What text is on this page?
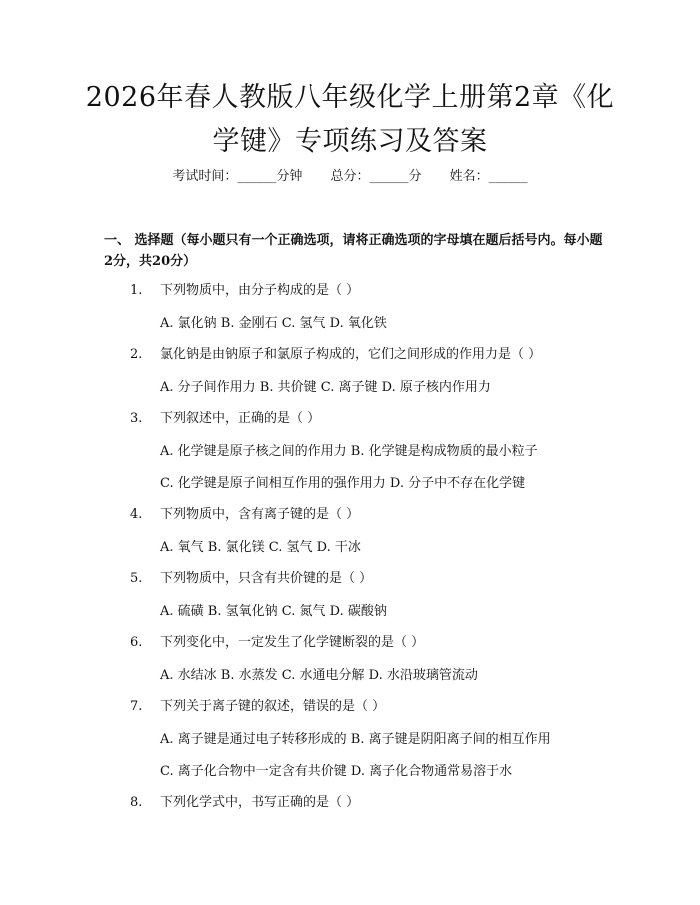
2026年春人教版八年级化学上册第2章《化学键》专项练习及答案
考试时间：______分钟 总分：______分 姓名：______
一、 选择题（每小题只有一个正确选项，请将正确选项的字母填在题后括号内。每小题2分，共20分）
1. 下列物质中，由分子构成的是（ ）
A. 氯化钠 B. 金刚石 C. 氢气 D. 氧化铁
2. 氯化钠是由钠原子和氯原子构成的，它们之间形成的作用力是（ ）
A. 分子间作用力 B. 共价键 C. 离子键 D. 原子核内作用力
3. 下列叙述中，正确的是（ ）
A. 化学键是原子核之间的作用力 B. 化学键是构成物质的最小粒子
C. 化学键是原子间相互作用的强作用力 D. 分子中不存在化学键
4. 下列物质中，含有离子键的是（ ）
A. 氧气 B. 氯化镁 C. 氢气 D. 干冰
5. 下列物质中，只含有共价键的是（ ）
A. 硫磺 B. 氢氧化钠 C. 氮气 D. 碳酸钠
6. 下列变化中，一定发生了化学键断裂的是（ ）
A. 水结冰 B. 水蒸发 C. 水通电分解 D. 水沿玻璃管流动
7. 下列关于离子键的叙述，错误的是（ ）
A. 离子键是通过电子转移形成的 B. 离子键是阴阳离子间的相互作用
C. 离子化合物中一定含有共价键 D. 离子化合物通常易溶于水
8. 下列化学式中，书写正确的是（ ）
